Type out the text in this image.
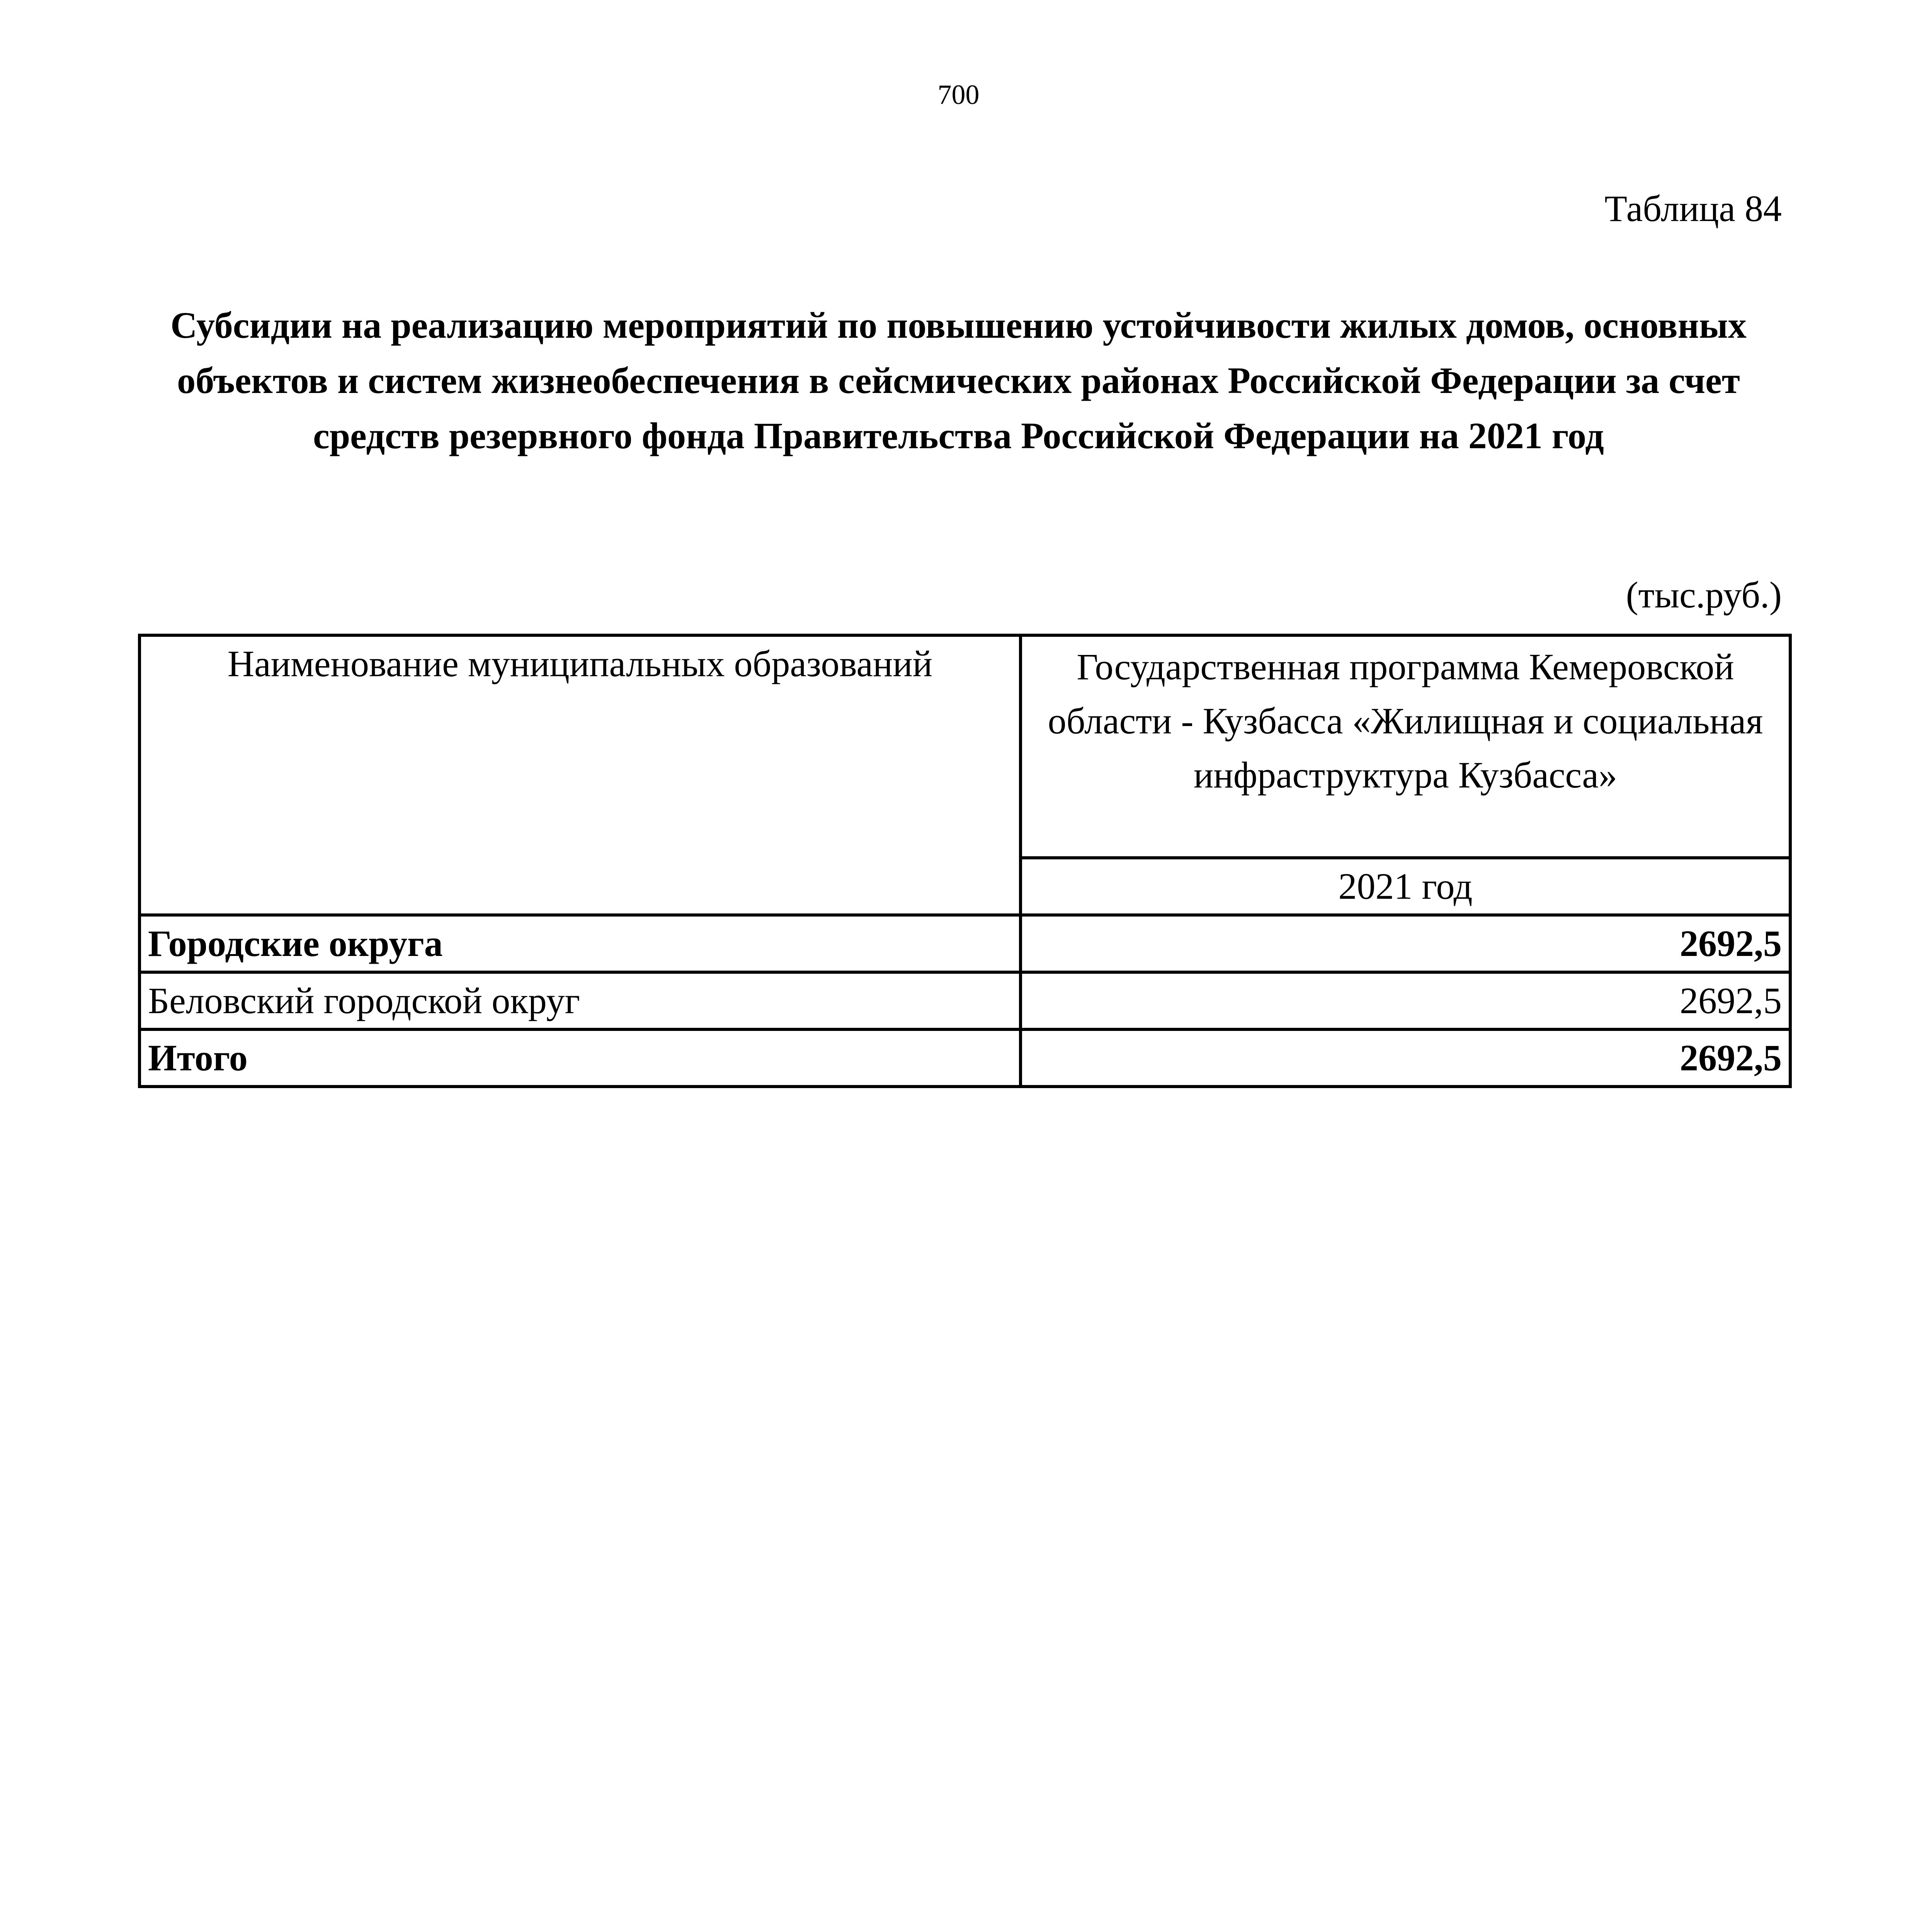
700
Таблица 84
Субсидии на реализацию мероприятий по повышению устойчивости жилых домов, основных объектов и систем жизнеобеспечения в сейсмических районах Российской Федерации за счет средств резервного фонда Правительства Российской Федерации на 2021 год
(тыс.руб.)
Наименование муниципальных образований	Государственная программа Кемеровской области - Кузбасса «Жилищная и социальная инфраструктура Кузбасса»
	2021 год
Городские округа	2692,5
Беловский городской округ	2692,5
Итого	2692,5
